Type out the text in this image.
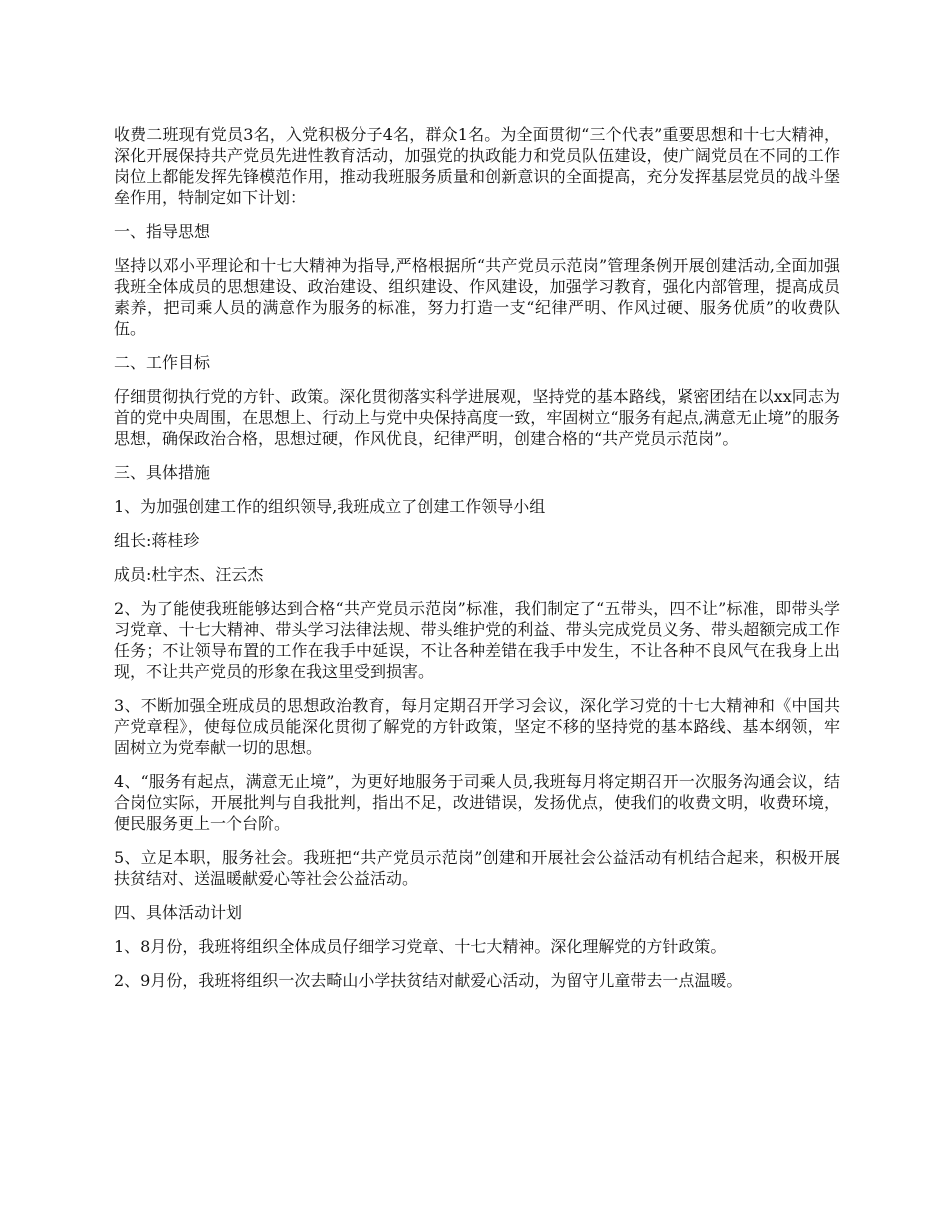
收费二班现有党员3名，入党积极分子4名，群众1名。为全面贯彻“三个代表”重要思想和十七大精神，深化开展保持共产党员先进性教育活动，加强党的执政能力和党员队伍建设，使广阔党员在不同的工作岗位上都能发挥先锋模范作用，推动我班服务质量和创新意识的全面提高，充分发挥基层党员的战斗堡垒作用，特制定如下计划：

一、指导思想

坚持以邓小平理论和十七大精神为指导,严格根据所“共产党员示范岗”管理条例开展创建活动,全面加强我班全体成员的思想建设、政治建设、组织建设、作风建设，加强学习教育，强化内部管理，提高成员素养，把司乘人员的满意作为服务的标准，努力打造一支“纪律严明、作风过硬、服务优质”的收费队伍。

二、工作目标

仔细贯彻执行党的方针、政策。深化贯彻落实科学进展观，坚持党的基本路线，紧密团结在以xx同志为首的党中央周围，在思想上、行动上与党中央保持高度一致，牢固树立“服务有起点,满意无止境”的服务思想，确保政治合格，思想过硬，作风优良，纪律严明，创建合格的“共产党员示范岗”。

三、具体措施

1、为加强创建工作的组织领导,我班成立了创建工作领导小组

组长:蒋桂珍

成员:杜宇杰、汪云杰

2、为了能使我班能够达到合格“共产党员示范岗”标准，我们制定了“五带头，四不让”标准，即带头学习党章、十七大精神、带头学习法律法规、带头维护党的利益、带头完成党员义务、带头超额完成工作任务；不让领导布置的工作在我手中延误，不让各种差错在我手中发生，不让各种不良风气在我身上出现，不让共产党员的形象在我这里受到损害。

3、不断加强全班成员的思想政治教育，每月定期召开学习会议，深化学习党的十七大精神和《中国共产党章程》，使每位成员能深化贯彻了解党的方针政策，坚定不移的坚持党的基本路线、基本纲领，牢固树立为党奉献一切的思想。

4、“服务有起点，满意无止境”，为更好地服务于司乘人员,我班每月将定期召开一次服务沟通会议，结合岗位实际，开展批判与自我批判，指出不足，改进错误，发扬优点，使我们的收费文明，收费环境，便民服务更上一个台阶。

5、立足本职，服务社会。我班把“共产党员示范岗”创建和开展社会公益活动有机结合起来，积极开展扶贫结对、送温暖献爱心等社会公益活动。

四、具体活动计划

1、8月份，我班将组织全体成员仔细学习党章、十七大精神。深化理解党的方针政策。

2、9月份，我班将组织一次去畸山小学扶贫结对献爱心活动，为留守儿童带去一点温暖。
